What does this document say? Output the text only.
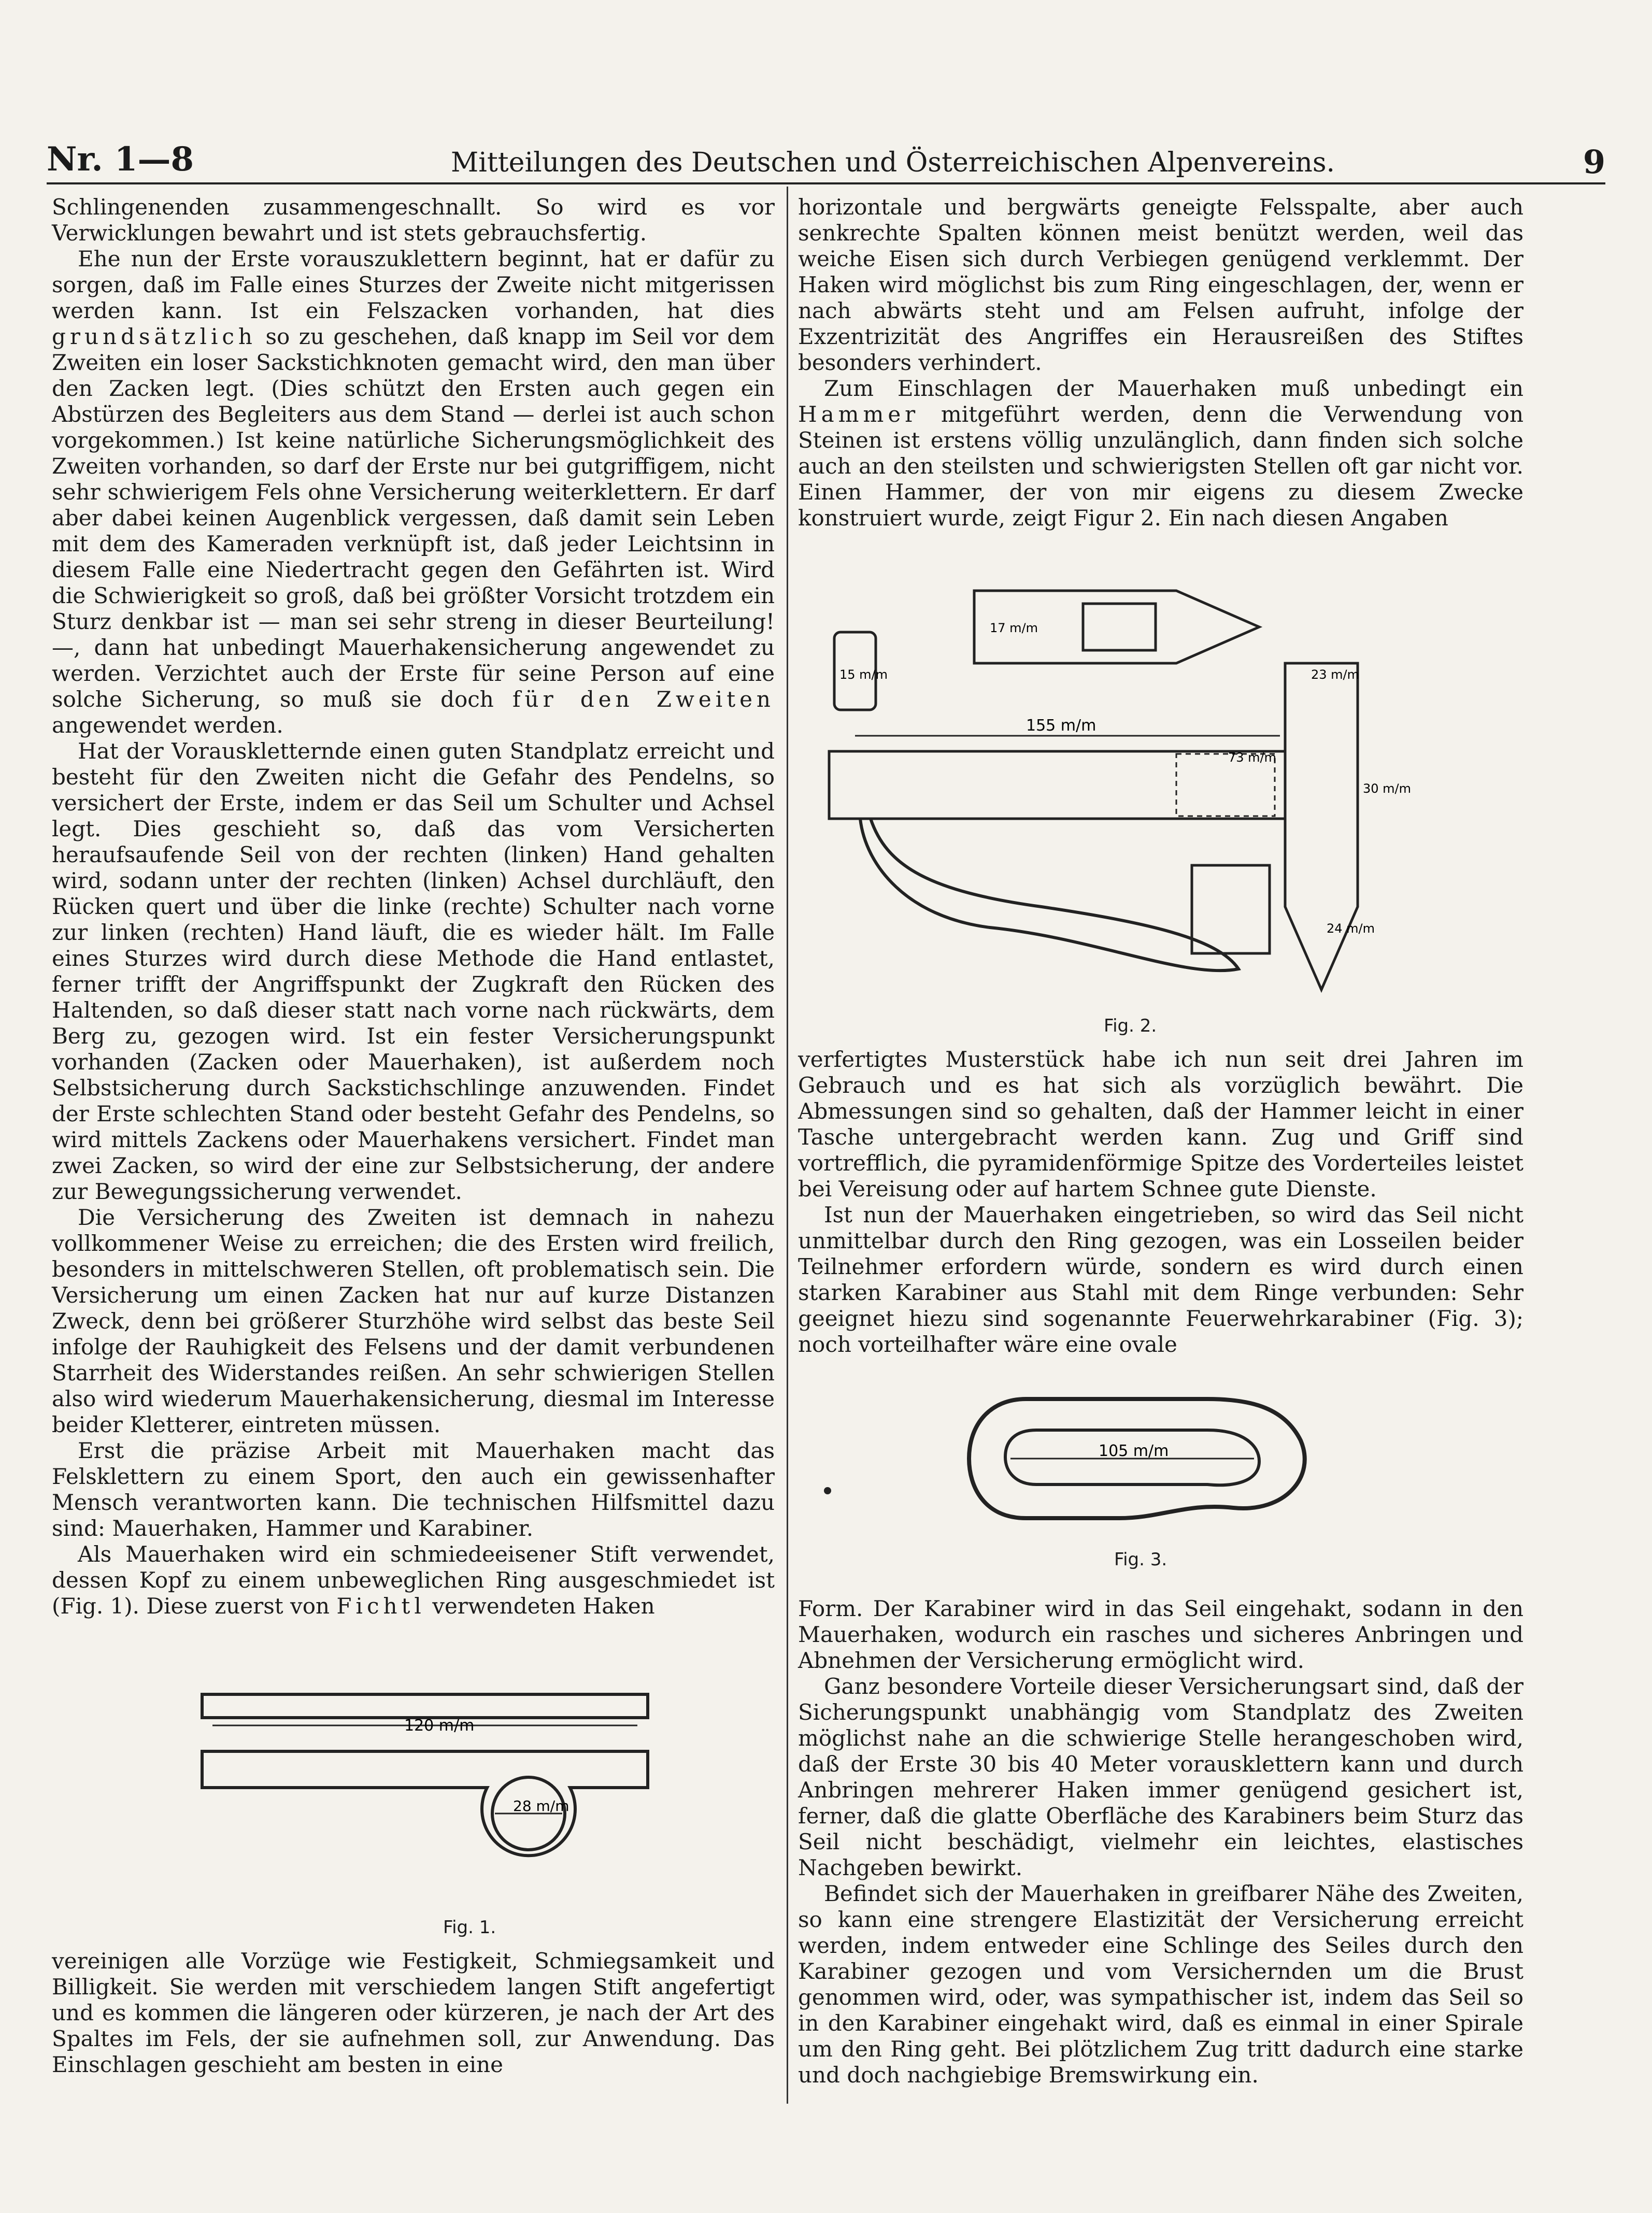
Nr. 1—8	Mitteilungen des Deutschen und Österreichischen Alpenvereins.	9

Schlingenenden zusammengeschnallt. So wird es vor Verwicklungen bewahrt und ist stets gebrauchsfertig.

Ehe nun der Erste vorauszuklettern beginnt, hat er dafür zu sorgen, daß im Falle eines Sturzes der Zweite nicht mitgerissen werden kann. Ist ein Felszacken vorhanden, hat dies grundsätzlich so zu geschehen, daß knapp im Seil vor dem Zweiten ein loser Sackstichknoten gemacht wird, den man über den Zacken legt. (Dies schützt den Ersten auch gegen ein Abstürzen des Begleiters aus dem Stand — derlei ist auch schon vorgekommen.) Ist keine natürliche Sicherungsmöglichkeit des Zweiten vorhanden, so darf der Erste nur bei gutgriffigem, nicht sehr schwierigem Fels ohne Versicherung weiterklettern. Er darf aber dabei keinen Augenblick vergessen, daß damit sein Leben mit dem des Kameraden verknüpft ist, daß jeder Leichtsinn in diesem Falle eine Niedertracht gegen den Gefährten ist. Wird die Schwierigkeit so groß, daß bei größter Vorsicht trotzdem ein Sturz denkbar ist — man sei sehr streng in dieser Beurteilung! —, dann hat unbedingt Mauerhakensicherung angewendet zu werden. Verzichtet auch der Erste für seine Person auf eine solche Sicherung, so muß sie doch für den Zweiten angewendet werden.

Hat der Vorauskletternde einen guten Standplatz erreicht und besteht für den Zweiten nicht die Gefahr des Pendelns, so versichert der Erste, indem er das Seil um Schulter und Achsel legt. Dies geschieht so, daß das vom Versicherten heraufsaufende Seil von der rechten (linken) Hand gehalten wird, sodann unter der rechten (linken) Achsel durchläuft, den Rücken quert und über die linke (rechte) Schulter nach vorne zur linken (rechten) Hand läuft, die es wieder hält. Im Falle eines Sturzes wird durch diese Methode die Hand entlastet, ferner trifft der Angriffspunkt der Zugkraft den Rücken des Haltenden, so daß dieser statt nach vorne nach rückwärts, dem Berg zu, gezogen wird. Ist ein fester Versicherungspunkt vorhanden (Zacken oder Mauerhaken), ist außerdem noch Selbstsicherung durch Sackstichschlinge anzuwenden. Findet der Erste schlechten Stand oder besteht Gefahr des Pendelns, so wird mittels Zackens oder Mauerhakens versichert. Findet man zwei Zacken, so wird der eine zur Selbstsicherung, der andere zur Bewegungssicherung verwendet.

Die Versicherung des Zweiten ist demnach in nahezu vollkommener Weise zu erreichen; die des Ersten wird freilich, besonders in mittelschweren Stellen, oft problematisch sein. Die Versicherung um einen Zacken hat nur auf kurze Distanzen Zweck, denn bei größerer Sturzhöhe wird selbst das beste Seil infolge der Rauhigkeit des Felsens und der damit verbundenen Starrheit des Widerstandes reißen. An sehr schwierigen Stellen also wird wiederum Mauerhakensicherung, diesmal im Interesse beider Kletterer, eintreten müssen.

Erst die präzise Arbeit mit Mauerhaken macht das Felsklettern zu einem Sport, den auch ein gewissenhafter Mensch verantworten kann. Die technischen Hilfsmittel dazu sind: Mauerhaken, Hammer und Karabiner.

Als Mauerhaken wird ein schmiedeeisener Stift verwendet, dessen Kopf zu einem unbeweglichen Ring ausgeschmiedet ist (Fig. 1). Diese zuerst von Fichtl verwendeten Haken

120 m/m
28 m/m
Fig. 1.

vereinigen alle Vorzüge wie Festigkeit, Schmiegsamkeit und Billigkeit. Sie werden mit verschiedem langen Stift angefertigt und es kommen die längeren oder kürzeren, je nach der Art des Spaltes im Fels, der sie aufnehmen soll, zur Anwendung. Das Einschlagen geschieht am besten in eine

horizontale und bergwärts geneigte Felsspalte, aber auch senkrechte Spalten können meist benützt werden, weil das weiche Eisen sich durch Verbiegen genügend verklemmt. Der Haken wird möglichst bis zum Ring eingeschlagen, der, wenn er nach abwärts steht und am Felsen aufruht, infolge der Exzentrizität des Angriffes ein Herausreißen des Stiftes besonders verhindert.

Zum Einschlagen der Mauerhaken muß unbedingt ein Hammer mitgeführt werden, denn die Verwendung von Steinen ist erstens völlig unzulänglich, dann finden sich solche auch an den steilsten und schwierigsten Stellen oft gar nicht vor. Einen Hammer, der von mir eigens zu diesem Zwecke konstruiert wurde, zeigt Figur 2. Ein nach diesen Angaben

15 m/m
17 m/m
155 m/m
73 m/m
23 m/m
30 m/m
24 m/m
Fig. 2.

verfertigtes Musterstück habe ich nun seit drei Jahren im Gebrauch und es hat sich als vorzüglich bewährt. Die Abmessungen sind so gehalten, daß der Hammer leicht in einer Tasche untergebracht werden kann. Zug und Griff sind vortrefflich, die pyramidenförmige Spitze des Vorderteiles leistet bei Vereisung oder auf hartem Schnee gute Dienste.

Ist nun der Mauerhaken eingetrieben, so wird das Seil nicht unmittelbar durch den Ring gezogen, was ein Losseilen beider Teilnehmer erfordern würde, sondern es wird durch einen starken Karabiner aus Stahl mit dem Ringe verbunden: Sehr geeignet hiezu sind sogenannte Feuerwehrkarabiner (Fig. 3); noch vorteilhafter wäre eine ovale

105 m/m
Fig. 3.

Form. Der Karabiner wird in das Seil eingehakt, sodann in den Mauerhaken, wodurch ein rasches und sicheres Anbringen und Abnehmen der Versicherung ermöglicht wird.

Ganz besondere Vorteile dieser Versicherungsart sind, daß der Sicherungspunkt unabhängig vom Standplatz des Zweiten möglichst nahe an die schwierige Stelle herangeschoben wird, daß der Erste 30 bis 40 Meter vorausklettern kann und durch Anbringen mehrerer Haken immer genügend gesichert ist, ferner, daß die glatte Oberfläche des Karabiners beim Sturz das Seil nicht beschädigt, vielmehr ein leichtes, elastisches Nachgeben bewirkt.

Befindet sich der Mauerhaken in greifbarer Nähe des Zweiten, so kann eine strengere Elastizität der Versicherung erreicht werden, indem entweder eine Schlinge des Seiles durch den Karabiner gezogen und vom Versichernden um die Brust genommen wird, oder, was sympathischer ist, indem das Seil so in den Karabiner eingehakt wird, daß es einmal in einer Spirale um den Ring geht. Bei plötzlichem Zug tritt dadurch eine starke und doch nachgiebige Bremswirkung ein.
